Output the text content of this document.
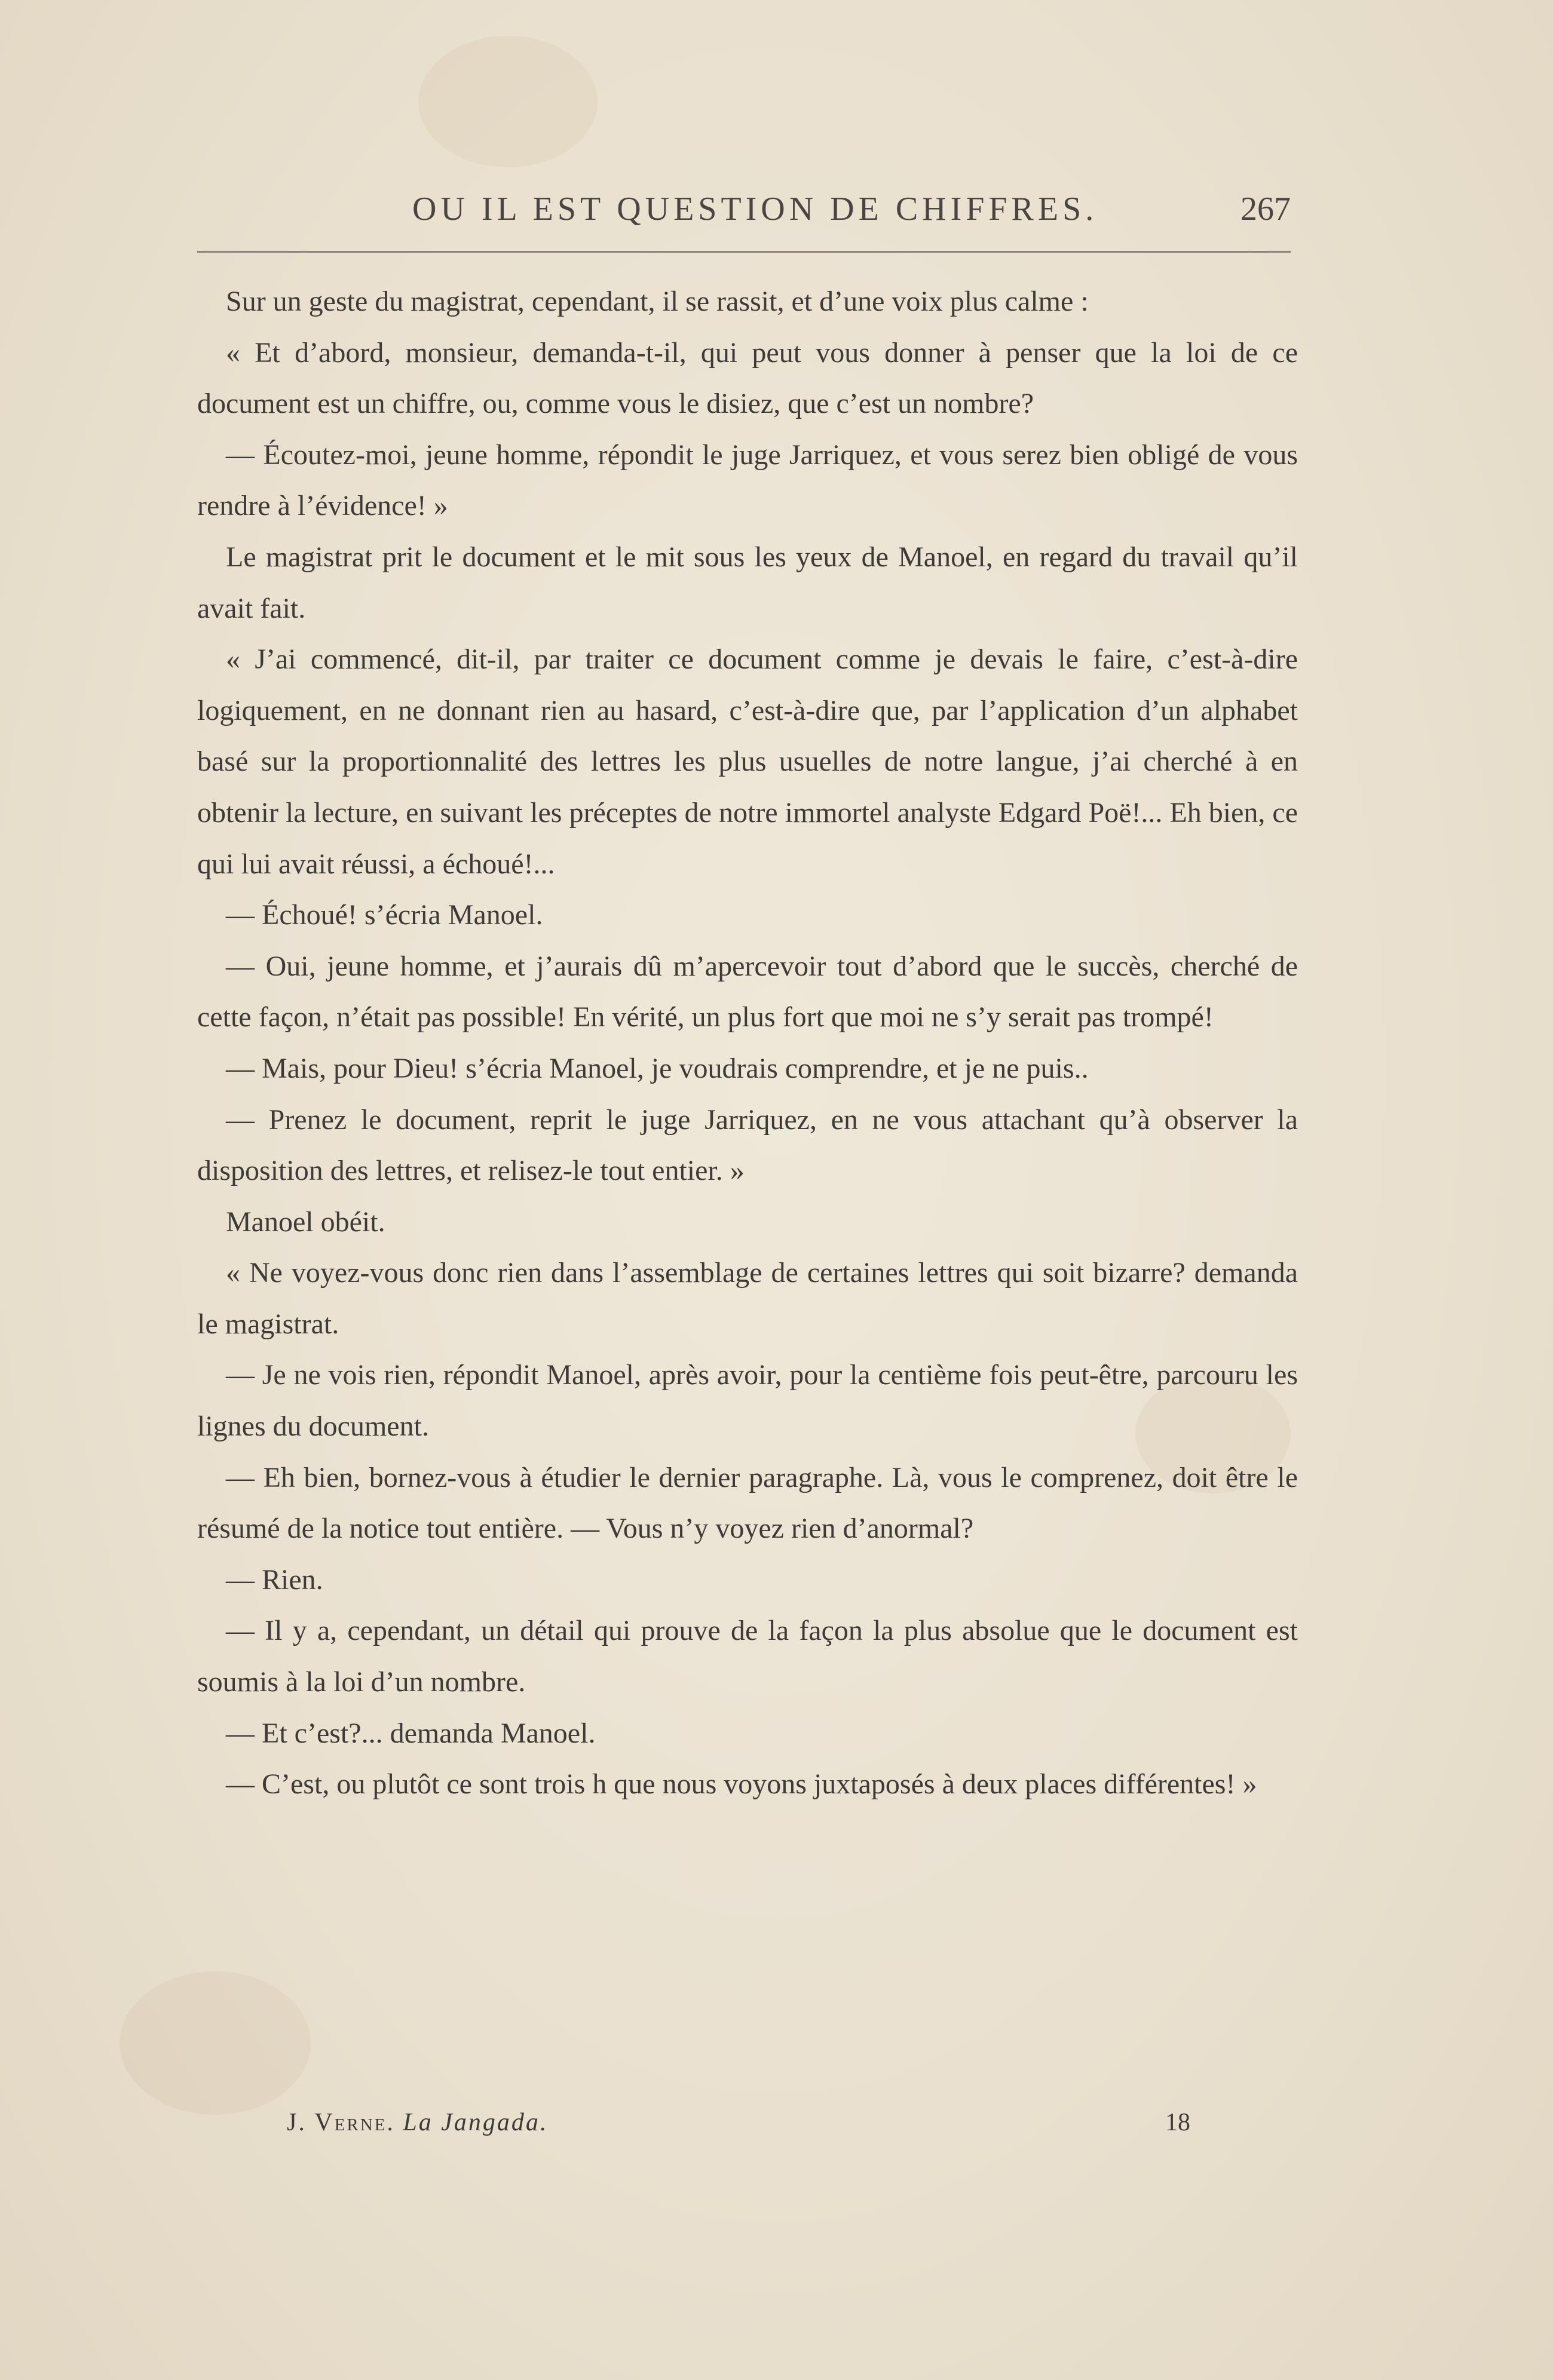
OU IL EST QUESTION DE CHIFFRES.	267

Sur un geste du magistrat, cependant, il se rassit, et d’une voix plus calme :

« Et d’abord, monsieur, demanda-t-il, qui peut vous donner à penser que la loi de ce document est un chiffre, ou, comme vous le disiez, que c’est un nombre?

— Écoutez-moi, jeune homme, répondit le juge Jarriquez, et vous serez bien obligé de vous rendre à l’évidence! »

Le magistrat prit le document et le mit sous les yeux de Manoel, en regard du travail qu’il avait fait.

« J’ai commencé, dit-il, par traiter ce document comme je devais le faire, c’est-à-dire logiquement, en ne donnant rien au hasard, c’est-à-dire que, par l’application d’un alphabet basé sur la proportionnalité des lettres les plus usuelles de notre langue, j’ai cherché à en obtenir la lecture, en suivant les préceptes de notre immortel analyste Edgard Poë!... Eh bien, ce qui lui avait réussi, a échoué!...

— Échoué! s’écria Manoel.

— Oui, jeune homme, et j’aurais dû m’apercevoir tout d’abord que le succès, cherché de cette façon, n’était pas possible! En vérité, un plus fort que moi ne s’y serait pas trompé!

— Mais, pour Dieu! s’écria Manoel, je voudrais comprendre, et je ne puis..

— Prenez le document, reprit le juge Jarriquez, en ne vous attachant qu’à observer la disposition des lettres, et relisez-le tout entier. »

Manoel obéit.

« Ne voyez-vous donc rien dans l’assemblage de certaines lettres qui soit bizarre? demanda le magistrat.

— Je ne vois rien, répondit Manoel, après avoir, pour la centième fois peut-être, parcouru les lignes du document.

— Eh bien, bornez-vous à étudier le dernier paragraphe. Là, vous le comprenez, doit être le résumé de la notice tout entière. — Vous n’y voyez rien d’anormal?

— Rien.

— Il y a, cependant, un détail qui prouve de la façon la plus absolue que le document est soumis à la loi d’un nombre.

— Et c’est?... demanda Manoel.

— C’est, ou plutôt ce sont trois h que nous voyons juxtaposés à deux places différentes! »

J. Verne. La Jangada.	18
